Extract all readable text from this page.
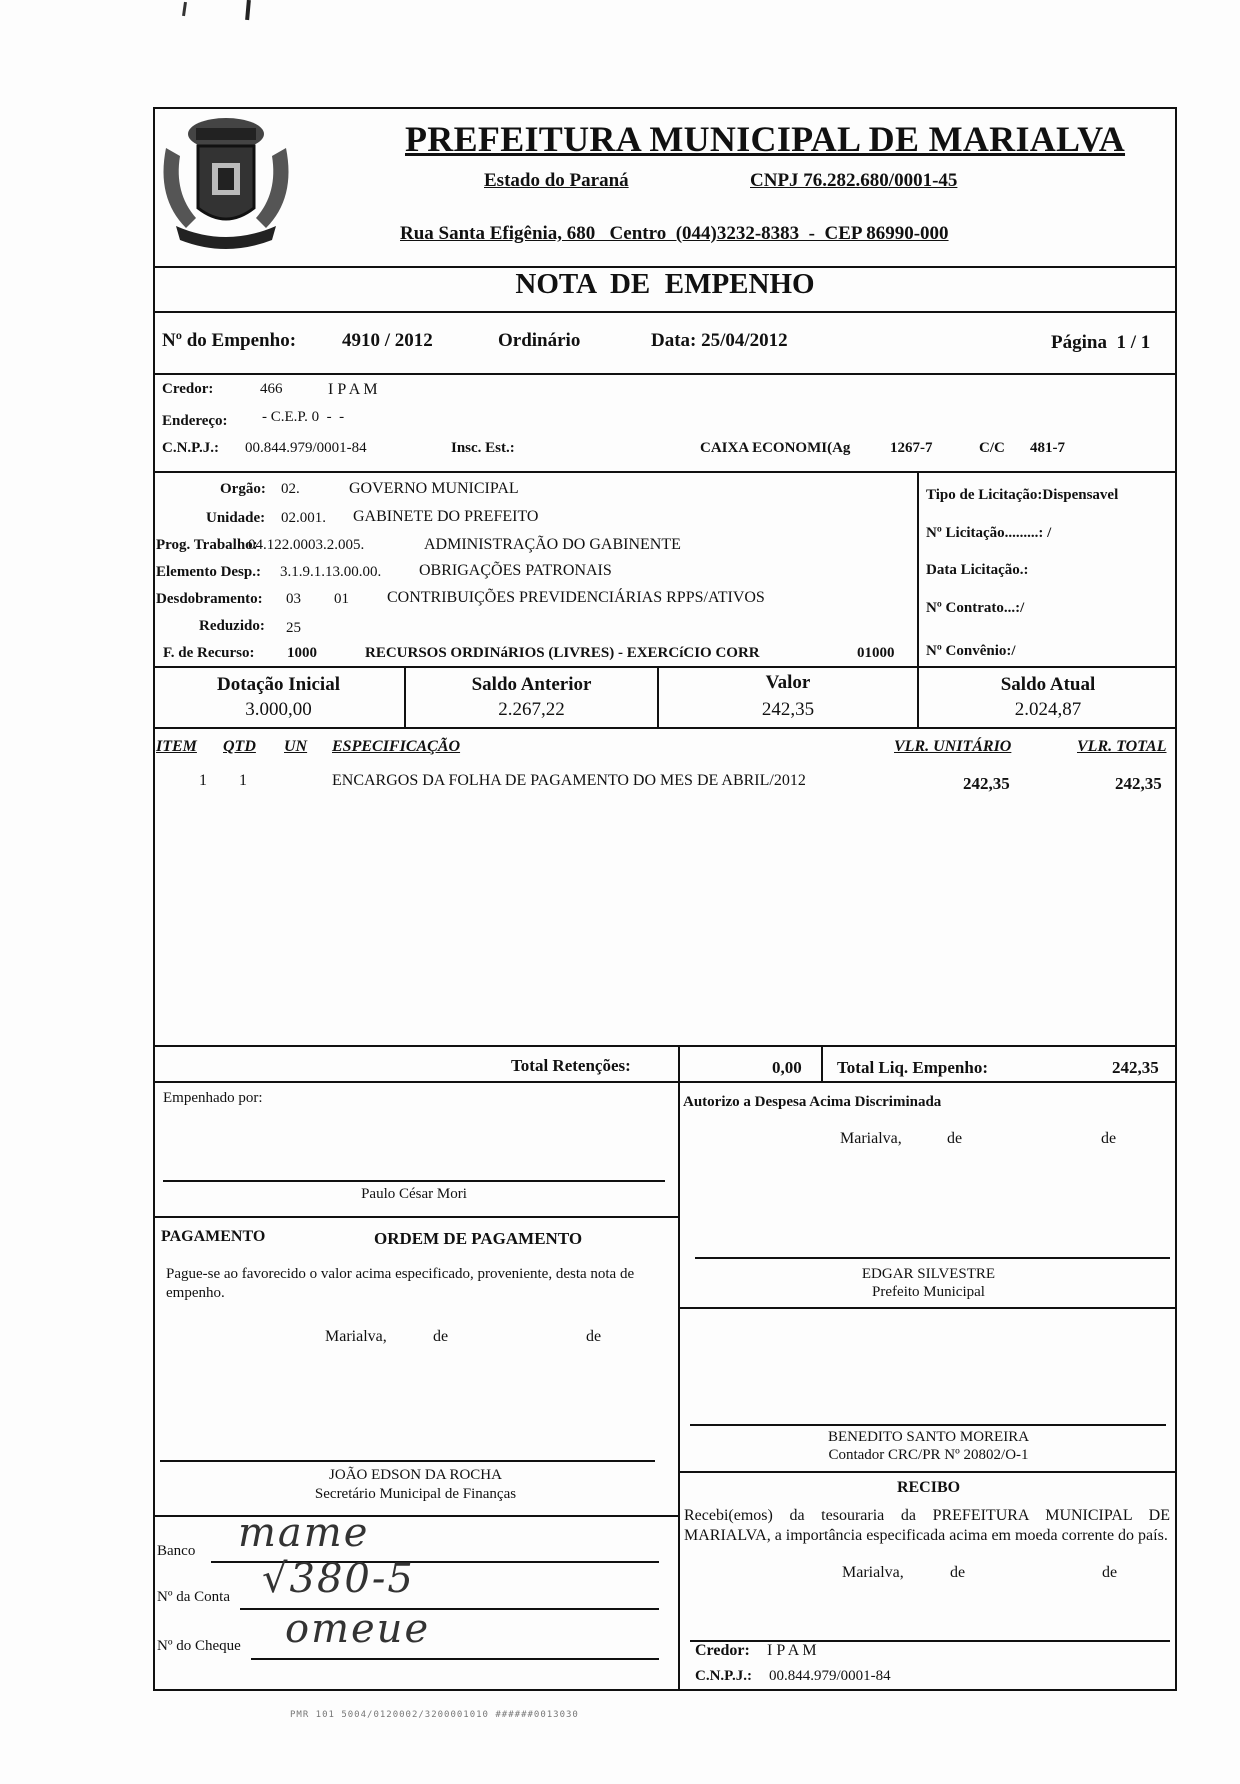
PREFEITURA MUNICIPAL DE MARIALVA
Estado do Paraná	CNPJ 76.282.680/0001-45
Rua Santa Efigênia, 680   Centro  (044)3232-8383  -  CEP 86990-000
NOTA  DE  EMPENHO
Nº do Empenho: 4910 / 2012	Ordinário	Data: 25/04/2012	Página  1 / 1
Credor:	466	I P A M
Endereço: - C.E.P. 0  -  -
C.N.P.J.: 00.844.979/0001-84	Insc. Est.:	CAIXA ECONOMI(Ag	1267-7	C/C 481-7
Orgão: 02.	GOVERNO MUNICIPAL
Unidade: 02.001. GABINETE DO PREFEITO
Prog. Trabalho:
04.122.0003.2.005.	ADMINISTRAÇÃO DO GABINENTE
Elemento Desp.: 3.1.9.1.13.00.00. OBRIGAÇÕES PATRONAIS
Desdobramento: 03 01 CONTRIBUIÇÕES PREVIDENCIÁRIAS RPPS/ATIVOS
Reduzido: 25
F. de Recurso: 1000	RECURSOS ORDINáRIOS (LIVRES) - EXERCíCIO CORR	01000
Tipo de Licitação:Dispensavel
Nº Licitação.........: /
Data Licitação.:
Nº Contrato...:/
Nº Convênio:/
Dotação Inicial
3.000,00
Saldo Anterior
2.267,22
Valor
242,35
Saldo Atual
2.024,87
ITEM QTD UN ESPECIFICAÇÃO	VLR. UNITÁRIO	VLR. TOTAL
1 1	ENCARGOS DA FOLHA DE PAGAMENTO DO MES DE ABRIL/2012	242,35	242,35
Total Retenções:	0,00 Total Liq. Empenho:	242,35
Empenhado por:
Paulo César Mori
Autorizo a Despesa Acima Discriminada
Marialva,	de	de
EDGAR SILVESTRE
Prefeito Municipal
PAGAMENTO	ORDEM DE PAGAMENTO
Pague-se ao favorecido o valor acima especificado, proveniente, desta nota de empenho.
Marialva,	de	de
JOÃO EDSON DA ROCHA
Secretário Municipal de Finanças
BENEDITO SANTO MOREIRA
Contador CRC/PR Nº 20802/O-1
Banco mame
Nº da Conta √380-5
Nº do Cheque omeue
RECIBO
Recebi(emos) da tesouraria da PREFEITURA MUNICIPAL DE MARIALVA, a importância especificada acima em moeda corrente do país.
Marialva,	de	de
Credor: I P A M
C.N.P.J.: 00.844.979/0001-84
PMR 101 5004/0120002/3200001010 ######0013030
